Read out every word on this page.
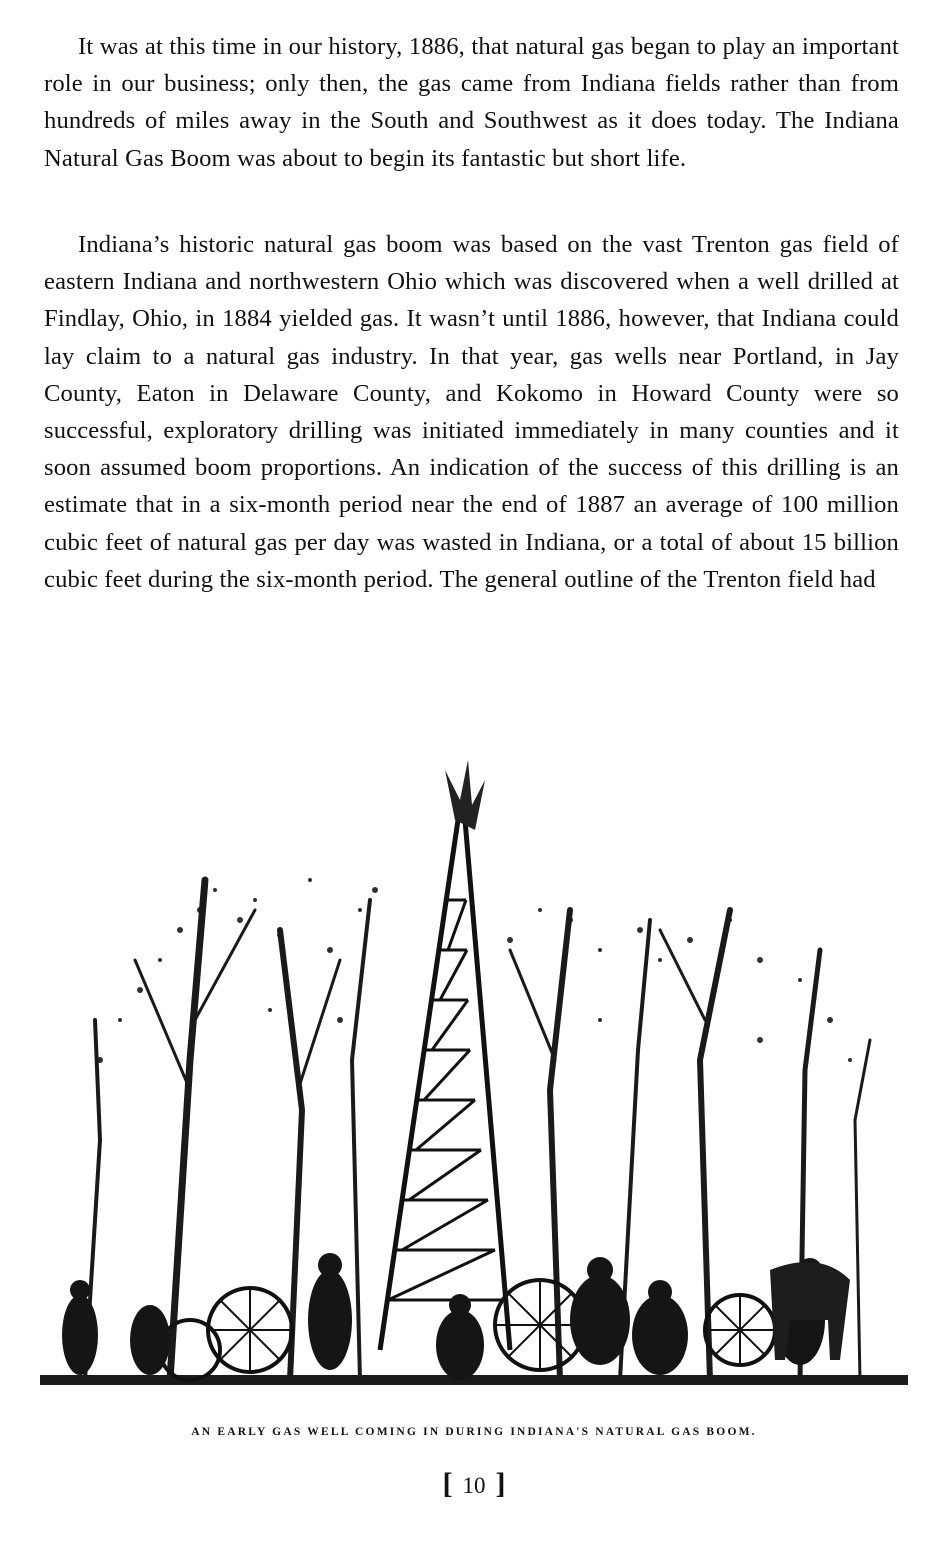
It was at this time in our history, 1886, that natural gas began to play an important role in our business; only then, the gas came from Indiana fields rather than from hundreds of miles away in the South and Southwest as it does today. The Indiana Natural Gas Boom was about to begin its fantastic but short life.

Indiana’s historic natural gas boom was based on the vast Trenton gas field of eastern Indiana and northwestern Ohio which was discovered when a well drilled at Findlay, Ohio, in 1884 yielded gas. It wasn’t until 1886, however, that Indiana could lay claim to a natural gas industry. In that year, gas wells near Portland, in Jay County, Eaton in Delaware County, and Kokomo in Howard County were so successful, exploratory drilling was initiated immediately in many counties and it soon assumed boom proportions. An indication of the success of this drilling is an estimate that in a six-month period near the end of 1887 an average of 100 million cubic feet of natural gas per day was wasted in Indiana, or a total of about 15 billion cubic feet during the six-month period. The general outline of the Trenton field had

AN EARLY GAS WELL COMING IN DURING INDIANA'S NATURAL GAS BOOM.
[ 10 ]
